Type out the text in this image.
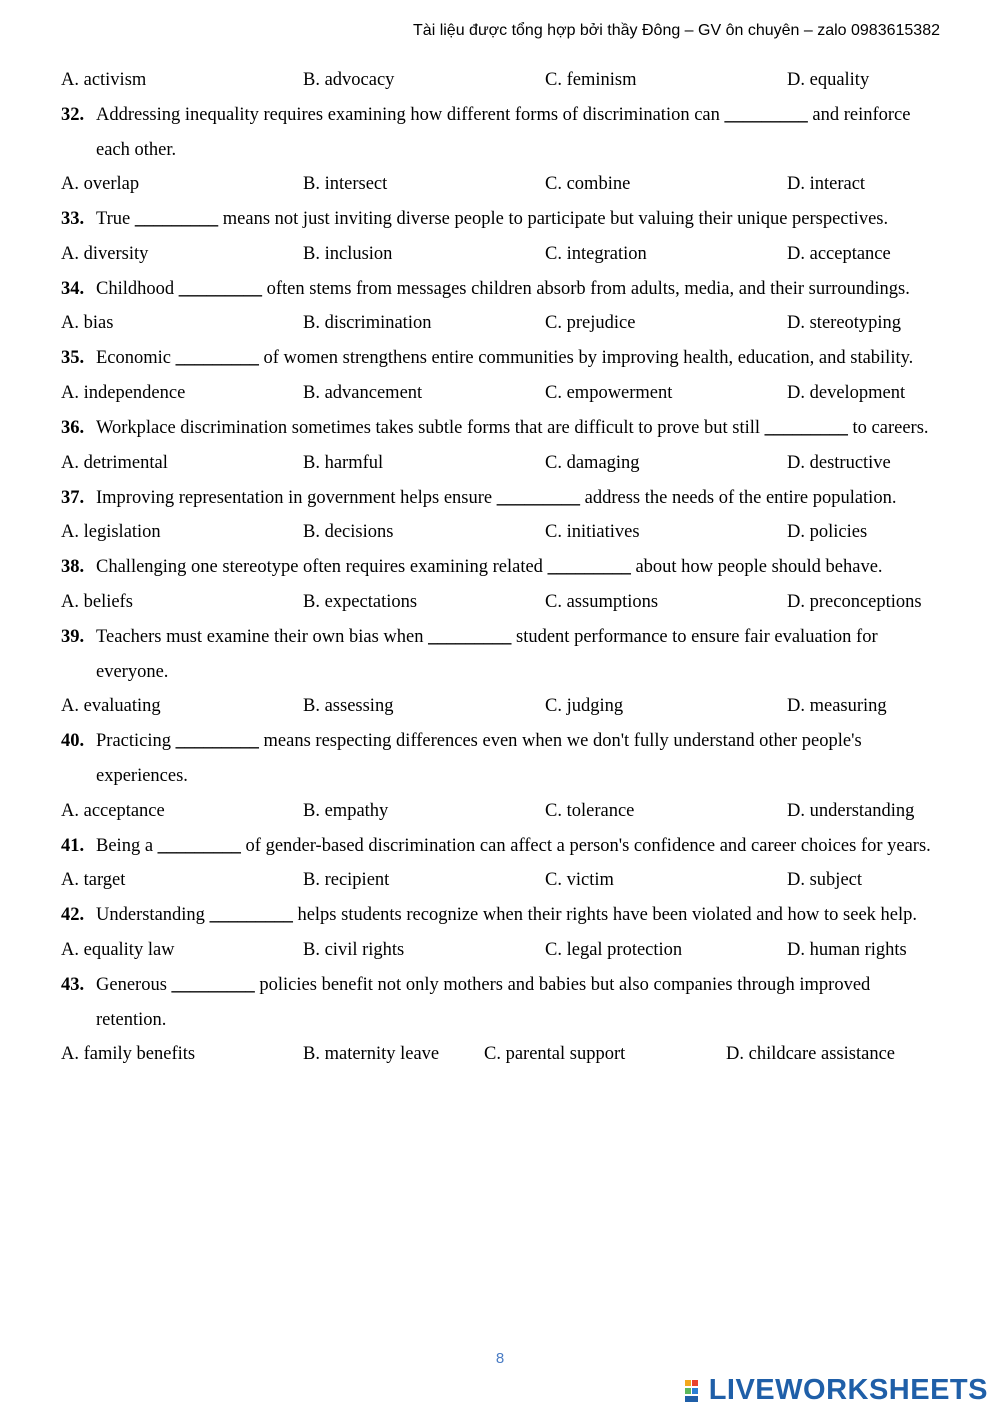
Tài liệu được tổng hợp bởi thầy Đông – GV ôn chuyên – zalo 0983615382
A. activism	B. advocacy	C. feminism	D. equality
32. Addressing inequality requires examining how different forms of discrimination can _________ and reinforce each other.
A. overlap	B. intersect	C. combine	D. interact
33. True _________ means not just inviting diverse people to participate but valuing their unique perspectives.
A. diversity	B. inclusion	C. integration	D. acceptance
34. Childhood _________ often stems from messages children absorb from adults, media, and their surroundings.
A. bias	B. discrimination	C. prejudice	D. stereotyping
35. Economic _________ of women strengthens entire communities by improving health, education, and stability.
A. independence	B. advancement	C. empowerment	D. development
36. Workplace discrimination sometimes takes subtle forms that are difficult to prove but still _________ to careers.
A. detrimental	B. harmful	C. damaging	D. destructive
37. Improving representation in government helps ensure _________ address the needs of the entire population.
A. legislation	B. decisions	C. initiatives	D. policies
38. Challenging one stereotype often requires examining related _________ about how people should behave.
A. beliefs	B. expectations	C. assumptions	D. preconceptions
39. Teachers must examine their own bias when _________ student performance to ensure fair evaluation for everyone.
A. evaluating	B. assessing	C. judging	D. measuring
40. Practicing _________ means respecting differences even when we don't fully understand other people's experiences.
A. acceptance	B. empathy	C. tolerance	D. understanding
41. Being a _________ of gender-based discrimination can affect a person's confidence and career choices for years.
A. target	B. recipient	C. victim	D. subject
42. Understanding _________ helps students recognize when their rights have been violated and how to seek help.
A. equality law	B. civil rights	C. legal protection	D. human rights
43. Generous _________ policies benefit not only mothers and babies but also companies through improved retention.
A. family benefits	B. maternity leave	C. parental support	D. childcare assistance
8
LIVEWORKSHEETS
